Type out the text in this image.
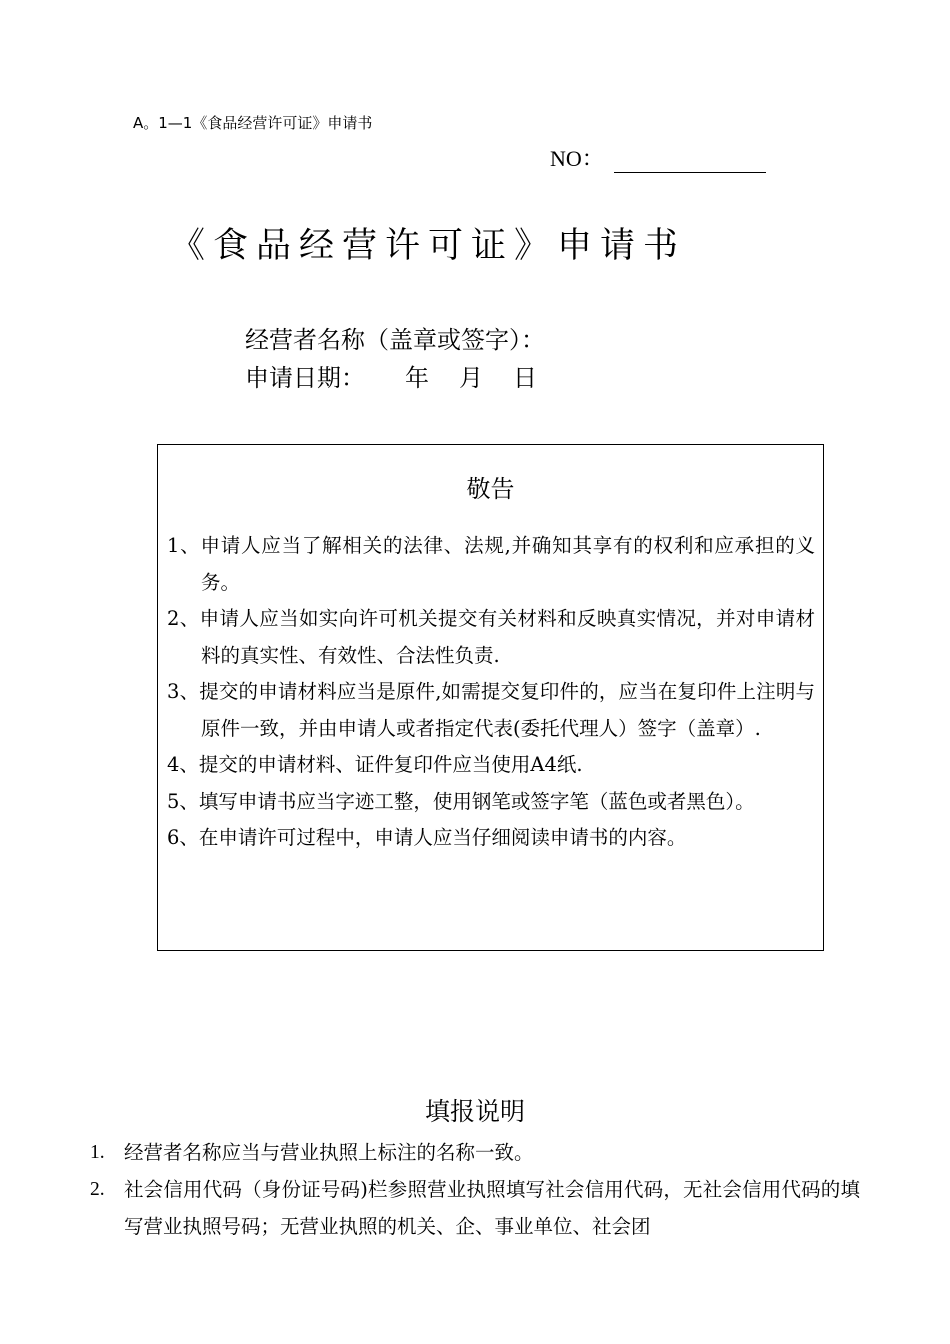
A。1—1《食品经营许可证》申请书
NO：
《食品经营许可证》申请书
经营者名称（盖章或签字）：
申请日期： 年 月 日
敬告
1、申请人应当了解相关的法律、法规,并确知其享有的权利和应承担的义务。
2、申请人应当如实向许可机关提交有关材料和反映真实情况，并对申请材料的真实性、有效性、合法性负责.
3、提交的申请材料应当是原件,如需提交复印件的，应当在复印件上注明与原件一致，并由申请人或者指定代表(委托代理人）签字（盖章）.
4、提交的申请材料、证件复印件应当使用A4纸.
5、填写申请书应当字迹工整，使用钢笔或签字笔（蓝色或者黑色）。
6、在申请许可过程中，申请人应当仔细阅读申请书的内容。
填报说明
1. 经营者名称应当与营业执照上标注的名称一致。
2. 社会信用代码（身份证号码)栏参照营业执照填写社会信用代码，无社会信用代码的填写营业执照号码；无营业执照的机关、企、事业单位、社会团
